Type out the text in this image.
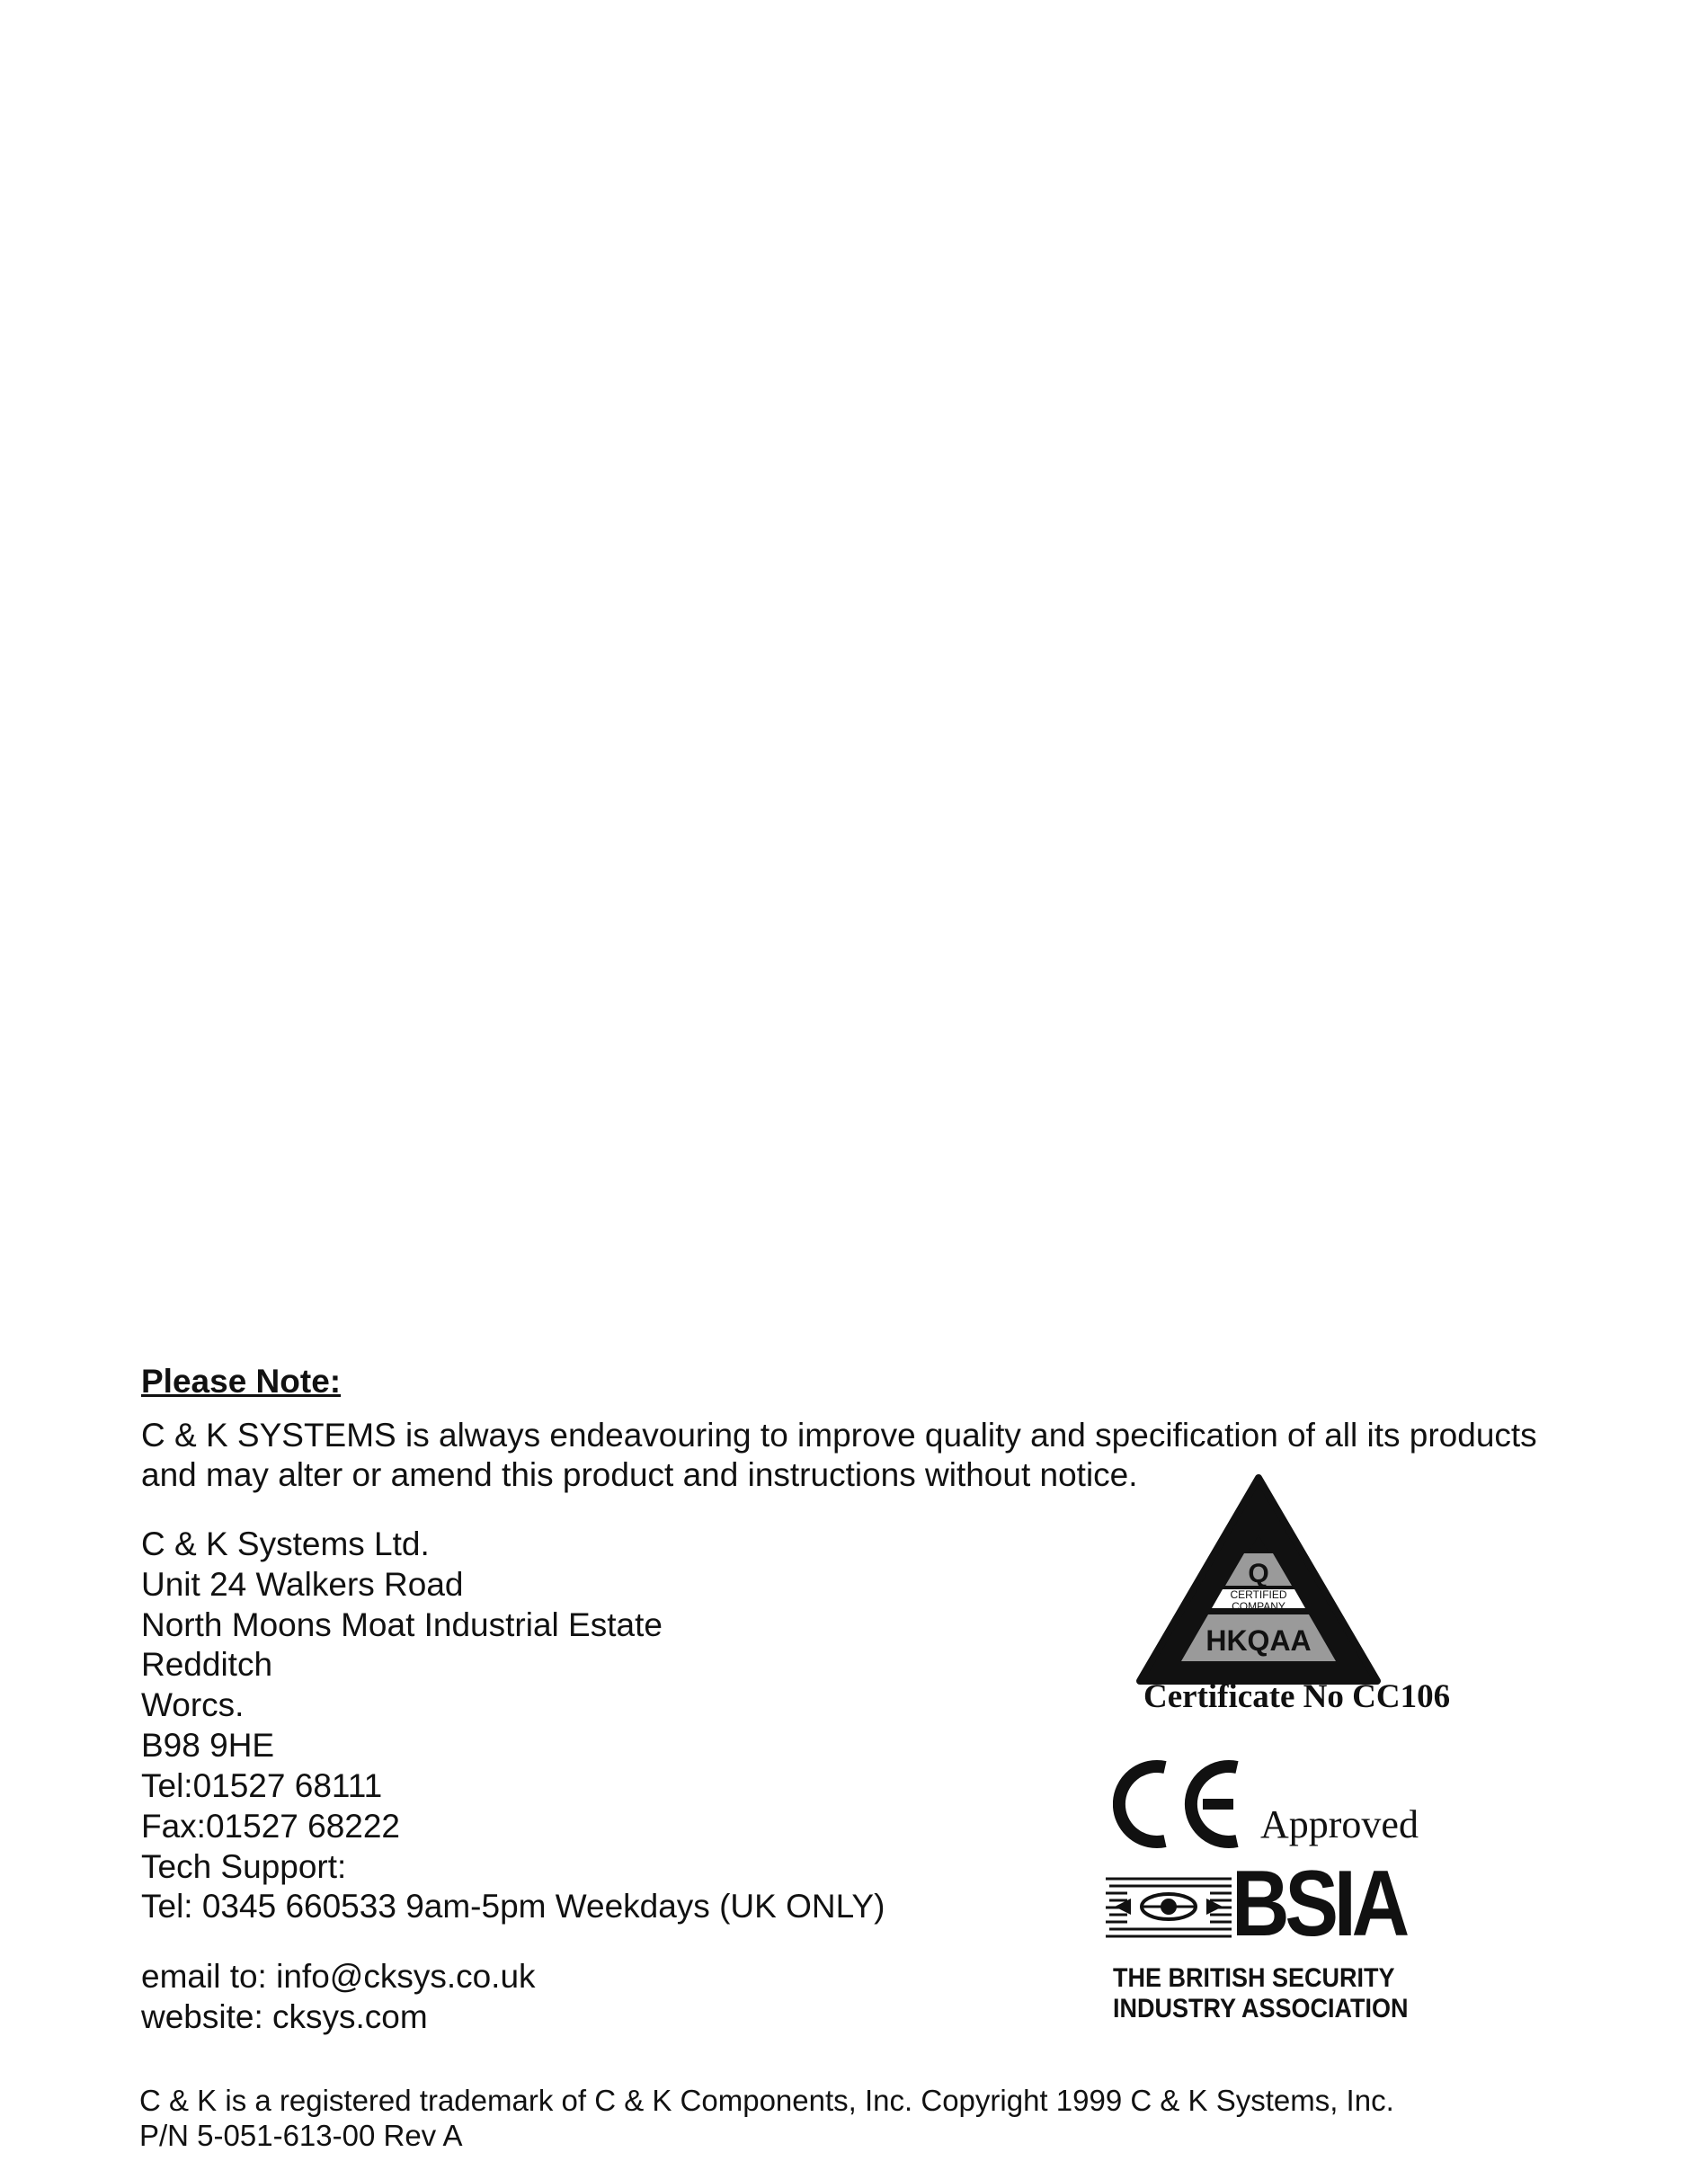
Please Note:
C & K SYSTEMS is always endeavouring to improve quality and specification of all its products
and may alter or amend this product and instructions without notice.
C & K Systems Ltd.
Unit 24 Walkers Road
North Moons Moat Industrial Estate
Redditch
Worcs.
B98 9HE
Tel:01527 68111
Fax:01527 68222
Tech Support:
Tel: 0345 660533 9am-5pm Weekdays (UK ONLY)
email to: info@cksys.co.uk
website: cksys.com
Q
CERTIFIED
COMPANY
HKQAA
Certificate No CC106
Approved
BSIA
THE BRITISH SECURITY
INDUSTRY ASSOCIATION
C & K is a registered trademark of C & K Components, Inc. Copyright 1999 C & K Systems, Inc.
P/N 5-051-613-00 Rev A
